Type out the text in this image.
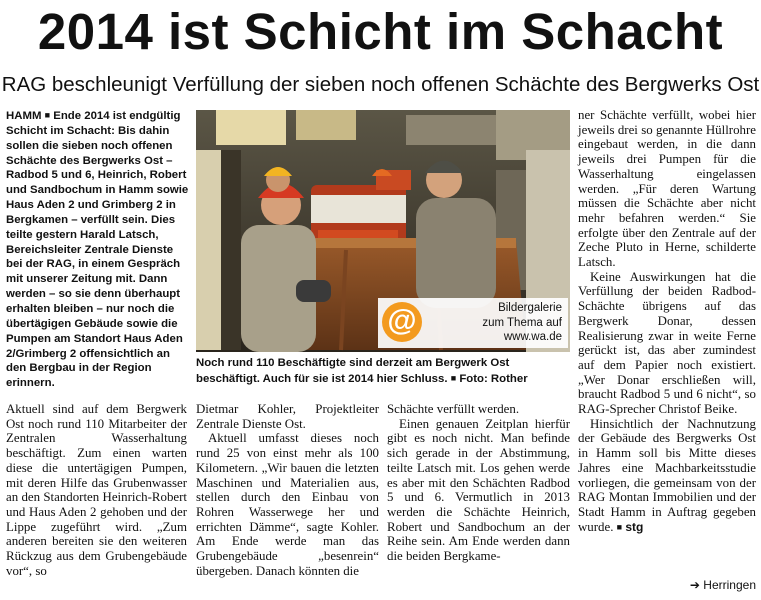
2014 ist Schicht im Schacht
RAG beschleunigt Verfüllung der sieben noch offenen Schächte des Bergwerks Ost
HAMM ■ Ende 2014 ist endgültig Schicht im Schacht: Bis dahin sollen die sieben noch offenen Schächte des Bergwerks Ost – Radbod 5 und 6, Heinrich, Robert und Sandbochum in Hamm sowie Haus Aden 2 und Grimberg 2 in Bergkamen – verfüllt sein. Dies teilte gestern Harald Latsch, Bereichsleiter Zentrale Dienste bei der RAG, in einem Gespräch mit unserer Zeitung mit. Dann werden – so sie denn überhaupt erhalten bleiben – nur noch die übertägigen Gebäude sowie die Pumpen am Standort Haus Aden 2/Grimberg 2 offensichtlich an den Bergbau in der Region erinnern.
@	Bildergalerie
zum Thema auf
www.wa.de
Noch rund 110 Beschäftigte sind derzeit am Bergwerk Ost beschäftigt. Auch für sie ist 2014 hier Schluss. ■ Foto: Rother

Aktuell sind auf dem Bergwerk Ost noch rund 110 Mitarbeiter der Zentralen Wasserhaltung beschäftigt. Zum einen warten diese die untertägigen Pumpen, mit deren Hilfe das Grubenwasser an den Standorten Heinrich-Robert und Haus Aden 2 gehoben und der Lippe zugeführt wird. „Zum anderen bereiten sie den weiteren Rückzug aus dem Grubengebäude vor“, so

Dietmar Kohler, Projektleiter Zentrale Dienste Ost.

Aktuell umfasst dieses noch rund 25 von einst mehr als 100 Kilometern. „Wir bauen die letzten Maschinen und Materialien aus, stellen durch den Einbau von Rohren Wasserwege her und errichten Dämme“, sagte Kohler. Am Ende werde man das Grubengebäude „besenrein“ übergeben. Danach könnten die

Schächte verfüllt werden.

Einen genauen Zeitplan hierfür gibt es noch nicht. Man befinde sich gerade in der Abstimmung, teilte Latsch mit. Los gehen werde es aber mit den Schächten Radbod 5 und 6. Vermutlich in 2013 werden die Schächte Heinrich, Robert und Sandbochum an der Reihe sein. Am Ende werden dann die beiden Bergkame-

ner Schächte verfüllt, wobei hier jeweils drei so genannte Hüllrohre eingebaut werden, in die dann jeweils drei Pumpen für die Wasserhaltung eingelassen werden. „Für deren Wartung müssen die Schächte aber nicht mehr befahren werden.“ Sie erfolgte über den Zentrale auf der Zeche Pluto in Herne, schilderte Latsch.

Keine Auswirkungen hat die Verfüllung der beiden Radbod-Schächte übrigens auf das Bergwerk Donar, dessen Realisierung zwar in weite Ferne gerückt ist, das aber zumindest auf dem Papier noch existiert. „Wer Donar erschließen will, braucht Radbod 5 und 6 nicht“, so RAG-Sprecher Christof Beike.

Hinsichtlich der Nachnutzung der Gebäude des Bergwerks Ost in Hamm soll bis Mitte dieses Jahres eine Machbarkeitsstudie vorliegen, die gemeinsam von der RAG Montan Immobilien und der Stadt Hamm in Auftrag gegeben wurde. ■ stg

➔ Herringen
